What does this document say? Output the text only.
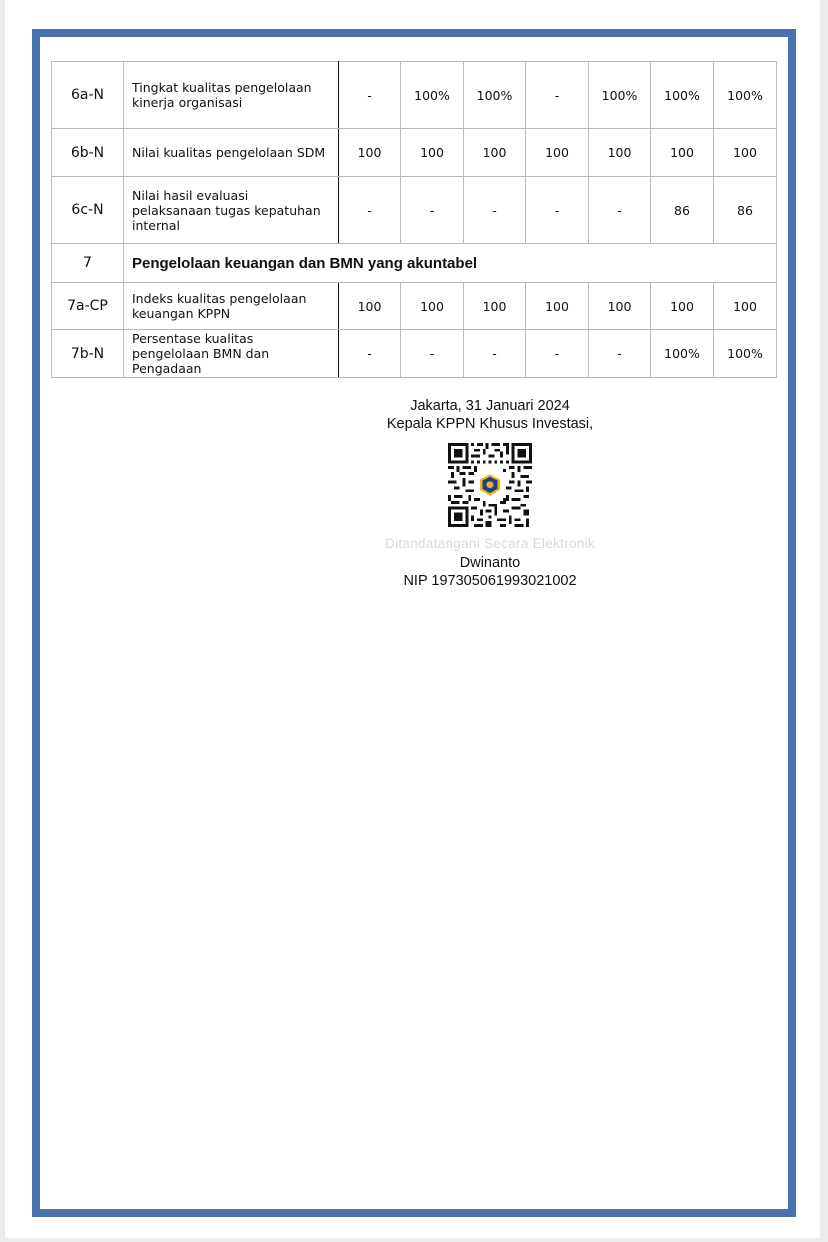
6a-N	Tingkat kualitas pengelolaan kinerja organisasi	-	100%	100%	-	100%	100%	100%
6b-N	Nilai kualitas pengelolaan SDM	100	100	100	100	100	100	100
6c-N	Nilai hasil evaluasi pelaksanaan tugas kepatuhan internal	-	-	-	-	-	86	86
7	Pengelolaan keuangan dan BMN yang akuntabel							
7a-CP	Indeks kualitas pengelolaan keuangan KPPN	100	100	100	100	100	100	100
7b-N	Persentase kualitas pengelolaan BMN dan Pengadaan	-	-	-	-	-	100%	100%
Jakarta, 31 Januari 2024
Kepala KPPN Khusus Investasi,
Ditandatangani Secara Elektronik
Dwinanto
NIP 197305061993021002
